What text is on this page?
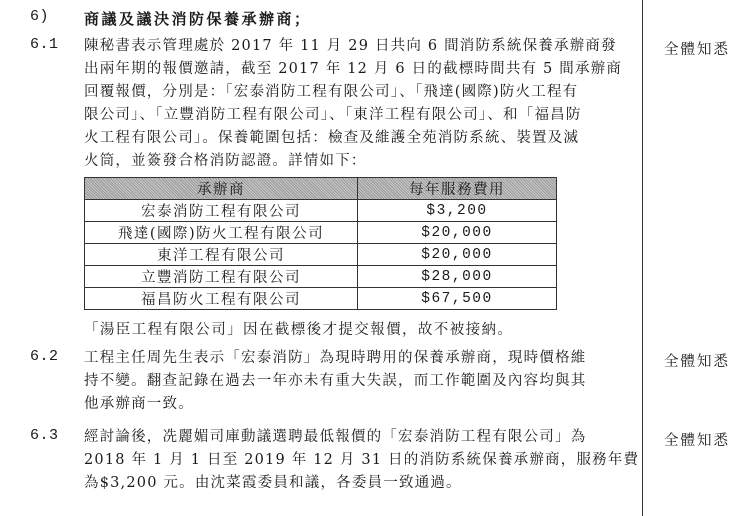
6) 商議及議決消防保養承辦商；
6.1 陳秘書表示管理處於 2017 年 11 月 29 日共向 6 間消防系統保養承辦商發
出兩年期的報價邀請，截至 2017 年 12 月 6 日的截標時間共有 5 間承辦商
回覆報價，分別是：「宏泰消防工程有限公司」、「飛達(國際)防火工程有
限公司」、「立豐消防工程有限公司」、「東洋工程有限公司」、和「福昌防
火工程有限公司」。保養範圍包括：檢查及維護全苑消防系統、裝置及滅
火筒，並簽發合格消防認證。詳情如下：
全體知悉
承辦商	每年服務費用
宏泰消防工程有限公司	$3,200
飛達(國際)防火工程有限公司	$20,000
東洋工程有限公司	$20,000
立豐消防工程有限公司	$28,000
福昌防火工程有限公司	$67,500
「湯臣工程有限公司」因在截標後才提交報價，故不被接納。
6.2 工程主任周先生表示「宏泰消防」為現時聘用的保養承辦商，現時價格維
持不變。翻查記錄在過去一年亦未有重大失誤，而工作範圍及內容均與其
他承辦商一致。
全體知悉
6.3 經討論後，冼麗媚司庫動議選聘最低報價的「宏泰消防工程有限公司」為
2018 年 1 月 1 日至 2019 年 12 月 31 日的消防系統保養承辦商，服務年費
為$3,200 元。由沈菜霞委員和議，各委員一致通過。
全體知悉
